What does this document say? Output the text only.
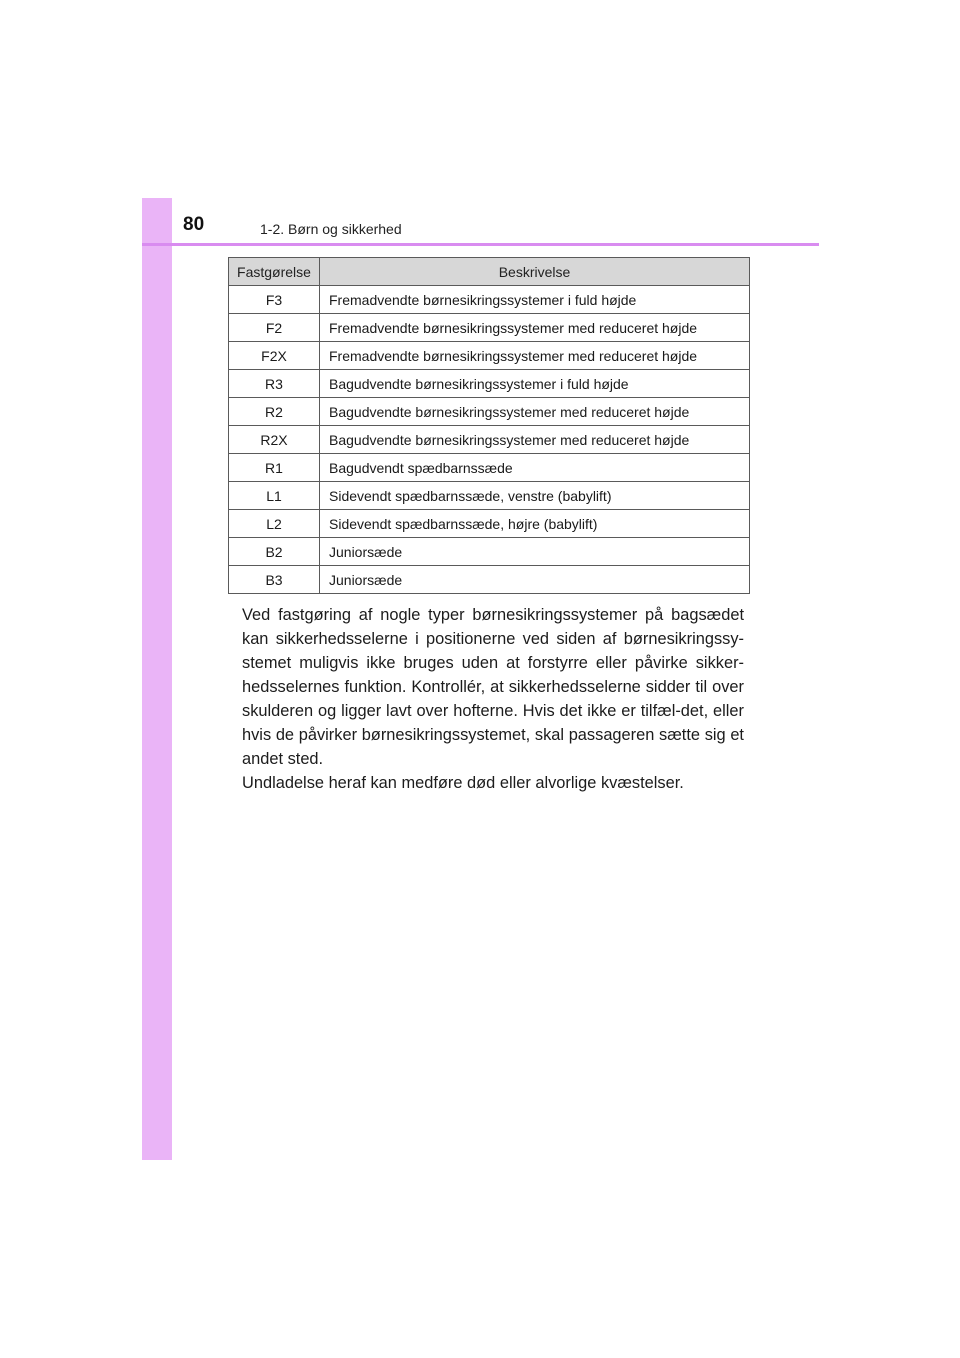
80	1-2. Børn og sikkerhed
Fastgørelse	Beskrivelse
F3	Fremadvendte børnesikringssystemer i fuld højde
F2	Fremadvendte børnesikringssystemer med reduceret højde
F2X	Fremadvendte børnesikringssystemer med reduceret højde
R3	Bagudvendte børnesikringssystemer i fuld højde
R2	Bagudvendte børnesikringssystemer med reduceret højde
R2X	Bagudvendte børnesikringssystemer med reduceret højde
R1	Bagudvendt spædbarnssæde
L1	Sidevendt spædbarnssæde, venstre (babylift)
L2	Sidevendt spædbarnssæde, højre (babylift)
B2	Juniorsæde
B3	Juniorsæde

Ved fastgøring af nogle typer børnesikringssystemer på bagsædet kan sikkerhedsselerne i positionerne ved siden af børnesikringssy-stemet muligvis ikke bruges uden at forstyrre eller påvirke sikker-hedsselernes funktion. Kontrollér, at sikkerhedsselerne sidder til over skulderen og ligger lavt over hofterne. Hvis det ikke er tilfæl-det, eller hvis de påvirker børnesikringssystemet, skal passageren sætte sig et andet sted.

Undladelse heraf kan medføre død eller alvorlige kvæstelser.
